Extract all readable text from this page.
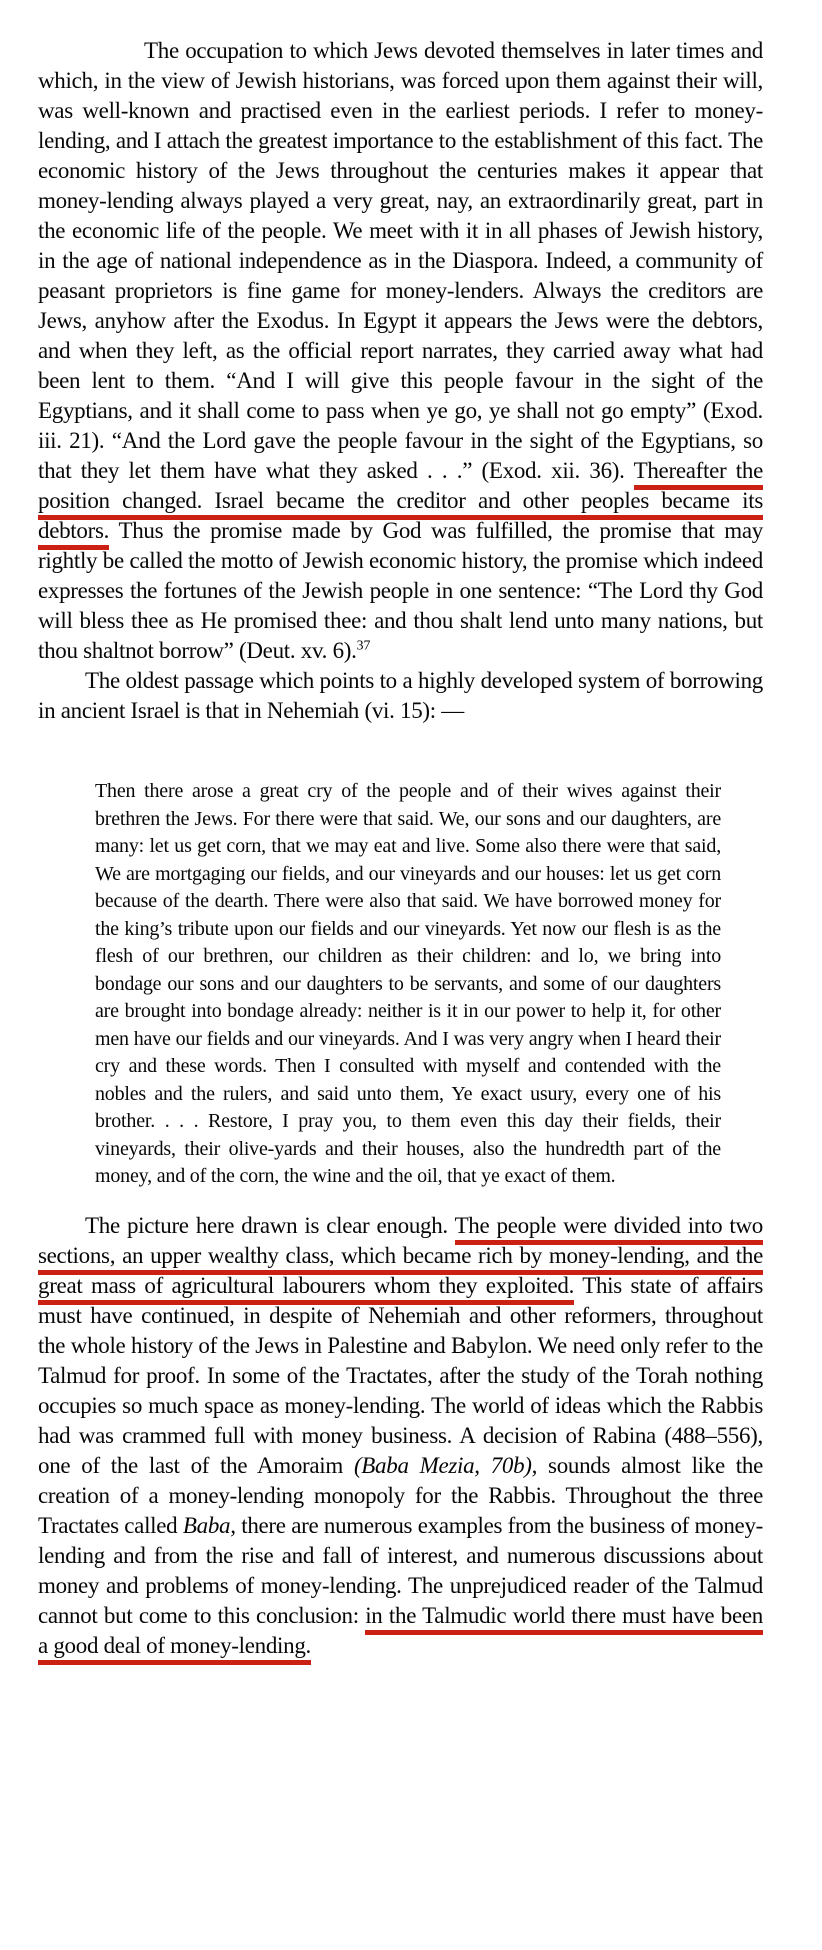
The occupation to which Jews devoted themselves in later times and which, in the view of Jewish historians, was forced upon them against their will, was well-known and practised even in the earliest periods. I refer to money-lending, and I attach the greatest importance to the establishment of this fact. The economic history of the Jews throughout the centuries makes it appear that money-lending always played a very great, nay, an extraordinarily great, part in the economic life of the people. We meet with it in all phases of Jewish history, in the age of national independence as in the Diaspora. Indeed, a community of peasant proprietors is fine game for money-lenders. Always the creditors are Jews, anyhow after the Exodus. In Egypt it appears the Jews were the debtors, and when they left, as the official report narrates, they carried away what had been lent to them. “And I will give this people favour in the sight of the Egyptians, and it shall come to pass when ye go, ye shall not go empty” (Exod. iii. 21). “And the Lord gave the people favour in the sight of the Egyptians, so that they let them have what they asked . . .” (Exod. xii. 36). Thereafter the position changed. Israel became the creditor and other peoples became its debtors. Thus the promise made by God was fulfilled, the promise that may rightly be called the motto of Jewish economic history, the promise which indeed expresses the fortunes of the Jewish people in one sentence: “The Lord thy God will bless thee as He promised thee: and thou shalt lend unto many nations, but thou shaltnot borrow” (Deut. xv. 6).$^{37}$

The oldest passage which points to a highly developed system of borrowing in ancient Israel is that in Nehemiah (vi. 15): —

Then there arose a great cry of the people and of their wives against their brethren the Jews. For there were that said. We, our sons and our daughters, are many: let us get corn, that we may eat and live. Some also there were that said, We are mortgaging our fields, and our vineyards and our houses: let us get corn because of the dearth. There were also that said. We have borrowed money for the king’s tribute upon our fields and our vineyards. Yet now our flesh is as the flesh of our brethren, our children as their children: and lo, we bring into bondage our sons and our daughters to be servants, and some of our daughters are brought into bondage already: neither is it in our power to help it, for other men have our fields and our vineyards. And I was very angry when I heard their cry and these words. Then I consulted with myself and contended with the nobles and the rulers, and said unto them, Ye exact usury, every one of his brother. . . . Restore, I pray you, to them even this day their fields, their vineyards, their olive-yards and their houses, also the hundredth part of the money, and of the corn, the wine and the oil, that ye exact of them.

The picture here drawn is clear enough. The people were divided into two sections, an upper wealthy class, which became rich by money-lending, and the great mass of agricultural labourers whom they exploited. This state of affairs must have continued, in despite of Nehemiah and other reformers, throughout the whole history of the Jews in Palestine and Babylon. We need only refer to the Talmud for proof. In some of the Tractates, after the study of the Torah nothing occupies so much space as money-lending. The world of ideas which the Rabbis had was crammed full with money business. A decision of Rabina (488–556), one of the last of the Amoraim (Baba Mezia, 70b), sounds almost like the creation of a money-lending monopoly for the Rabbis. Throughout the three Tractates called Baba, there are numerous examples from the business of money-lending and from the rise and fall of interest, and numerous discussions about money and problems of money-lending. The unprejudiced reader of the Talmud cannot but come to this conclusion: in the Talmudic world there must have been a good deal of money-lending.
